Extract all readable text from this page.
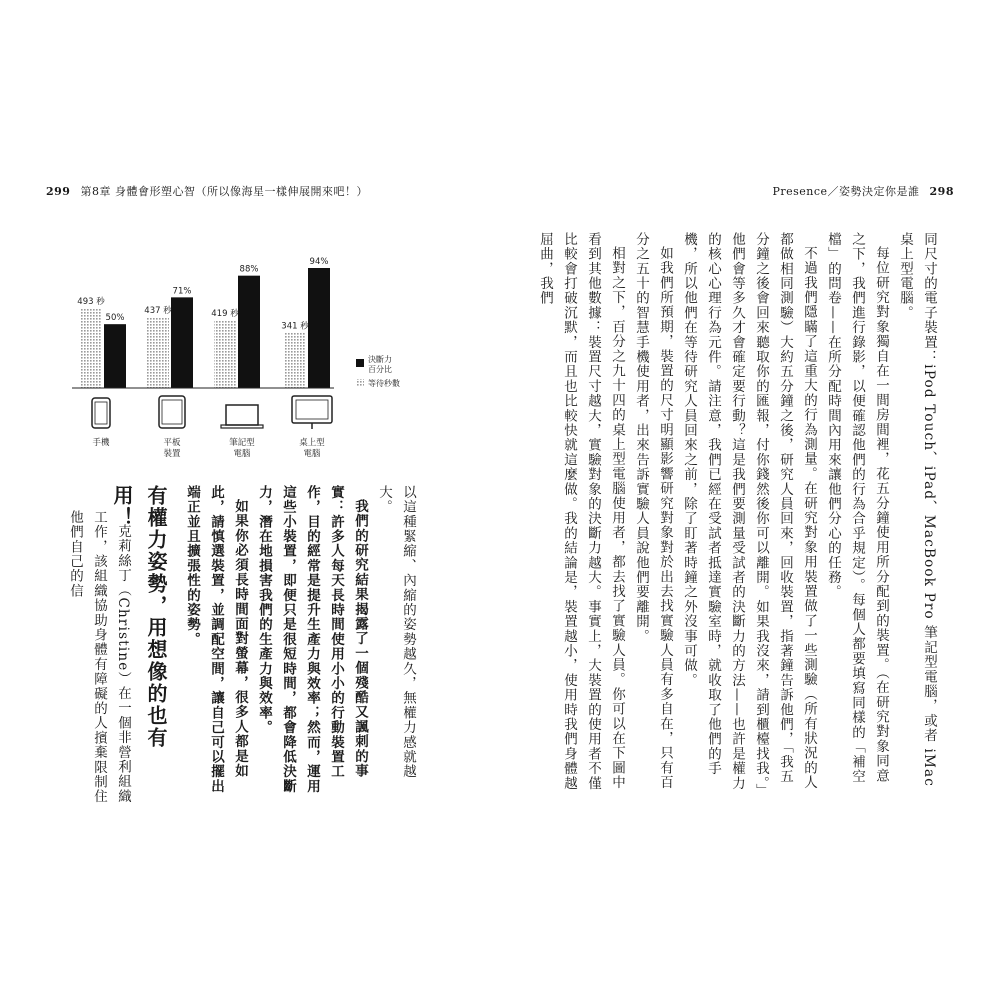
299 第8章 身體會形塑心智（所以像海星一樣伸展開來吧！）	Presence／姿勢決定你是誰 298
493 秒
50%
437 秒
71%
419 秒
88%
341 秒
94%
手機	平板
裝置
筆記型
電腦
桌上型
電腦
決斷力
百分比
等待秒數	同尺寸的電子裝置：iPod Touch、iPad、MacBook Pro 筆記型電腦，或者 iMac 桌上型電腦。

每位研究對象獨自在一間房間裡，花五分鐘使用所分配到的裝置。（在研究對象同意之下，我們進行錄影，以便確認他們的行為合乎規定）。每個人都要填寫同樣的「補空檔」的問卷——在所分配時間內用來讓他們分心的任務。

不過我們隱瞞了這重大的行為測量。在研究對象用裝置做了一些測驗（所有狀況的人都做相同測驗）大約五分鐘之後，研究人員回來，回收裝置，指著鐘告訴他們，「我五分鐘之後會回來聽取你的匯報，付你錢然後你可以離開。如果我沒來，請到櫃檯找我。」他們會等多久才會確定要行動？這是我們要測量受試者的決斷力的方法——也許是權力的核心心理行為元件。請注意，我們已經在受試者抵達實驗室時，就收取了他們的手機，所以他們在等待研究人員回來之前，除了盯著時鐘之外沒事可做。

如我們所預期，裝置的尺寸明顯影響研究對象對於出去找實驗人員有多自在，只有百分之五十的智慧手機使用者，出來告訴實驗人員說他們要離開。

相對之下，百分之九十四的桌上型電腦使用者，都去找了實驗人員。你可以在下圖中看到其他數據：裝置尺寸越大，實驗對象的決斷力越大。事實上，大裝置的使用者不僅比較會打破沉默，而且也比較快就這麼做。我的結論是，裝置越小，使用時我們身體越屈曲，我們

以這種緊縮、內縮的姿勢越久，無權力感就越大。

我們的研究結果揭露了一個殘酷又諷刺的事實：許多人每天長時間使用小小的行動裝置工作，目的經常是提升生產力與效率；然而，運用這些小裝置，即便只是很短時間，都會降低決斷力，潛在地損害我們的生產力與效率。

如果你必須長時間面對螢幕，很多人都是如此，請慎選裝置，並調配空間，讓自己可以擺出端正並且擴張性的姿勢。

有權力姿勢，用想像的也有用！

克莉絲丁（Christine）在一個非營利組織工作，該組織協助身體有障礙的人擯棄限制住他們自己的信
